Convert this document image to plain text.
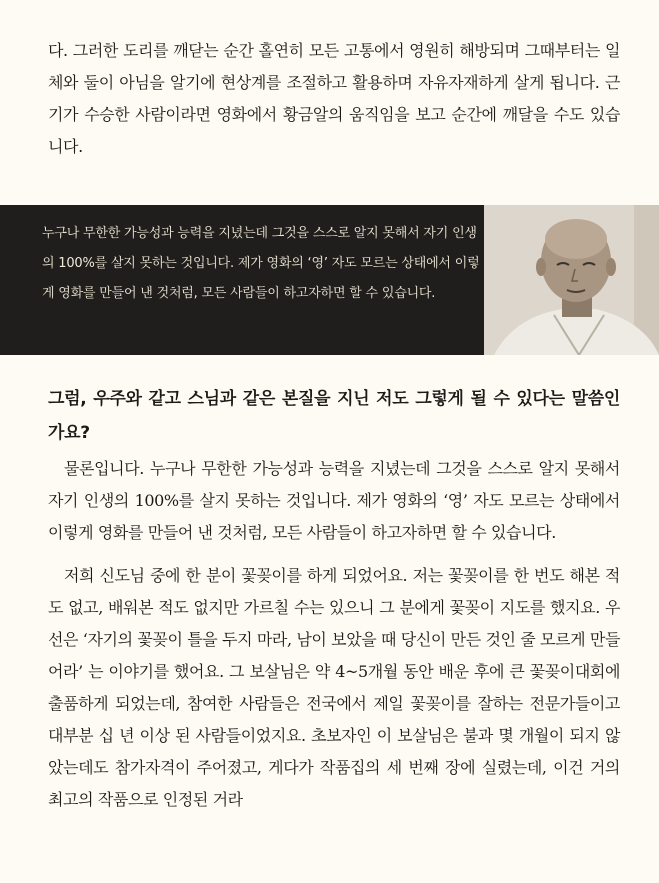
다. 그러한 도리를 깨닫는 순간 홀연히 모든 고통에서 영원히 해방되며 그때부터는 일체와 둘이 아님을 알기에 현상계를 조절하고 활용하며 자유자재하게 살게 됩니다. 근기가 수승한 사람이라면 영화에서 황금알의 움직임을 보고 순간에 깨달을 수도 있습니다.

누구나 무한한 가능성과 능력을 지녔는데 그것을 스스로 알지 못해서 자기 인생의 100%를 살지 못하는 것입니다. 제가 영화의 ‘영’ 자도 모르는 상태에서 이렇게 영화를 만들어 낸 것처럼, 모든 사람들이 하고자하면 할 수 있습니다.

그럼, 우주와 같고 스님과 같은 본질을 지닌 저도 그렇게 될 수 있다는 말씀인가요?

물론입니다. 누구나 무한한 가능성과 능력을 지녔는데 그것을 스스로 알지 못해서 자기 인생의 100%를 살지 못하는 것입니다. 제가 영화의 ‘영’ 자도 모르는 상태에서 이렇게 영화를 만들어 낸 것처럼, 모든 사람들이 하고자하면 할 수 있습니다.

저희 신도님 중에 한 분이 꽃꽂이를 하게 되었어요. 저는 꽃꽂이를 한 번도 해본 적도 없고, 배워본 적도 없지만 가르칠 수는 있으니 그 분에게 꽃꽂이 지도를 했지요. 우선은 ‘자기의 꽃꽂이 틀을 두지 마라, 남이 보았을 때 당신이 만든 것인 줄 모르게 만들어라’ 는 이야기를 했어요. 그 보살님은 약 4~5개월 동안 배운 후에 큰 꽃꽂이대회에 출품하게 되었는데, 참여한 사람들은 전국에서 제일 꽃꽂이를 잘하는 전문가들이고 대부분 십 년 이상 된 사람들이었지요. 초보자인 이 보살님은 불과 몇 개월이 되지 않았는데도 참가자격이 주어졌고, 게다가 작품집의 세 번째 장에 실렸는데, 이건 거의 최고의 작품으로 인정된 거라
